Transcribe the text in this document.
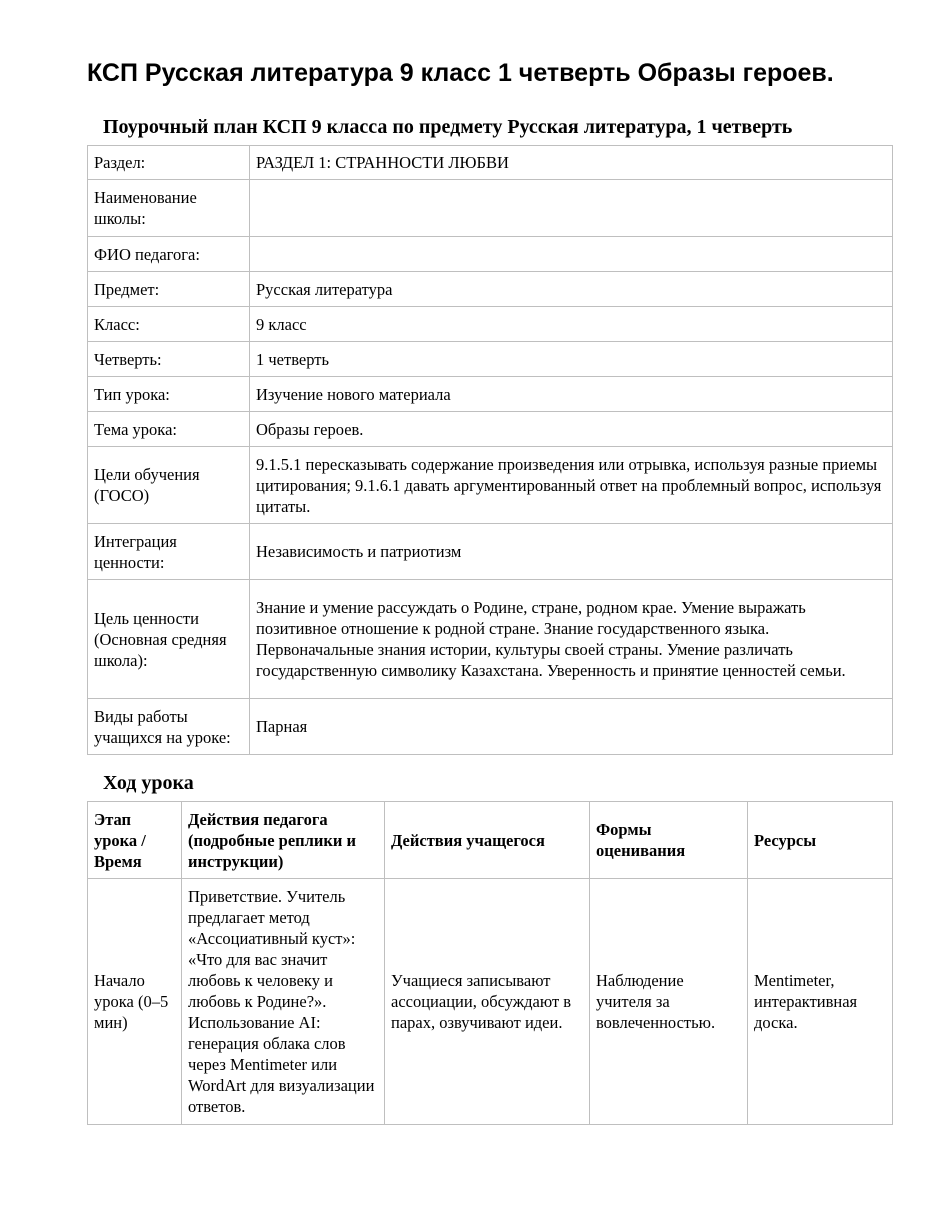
КСП Русская литература 9 класс 1 четверть Образы героев.
Поурочный план КСП 9 класса по предмету Русская литература, 1 четверть
Раздел:	РАЗДЕЛ 1: СТРАННОСТИ ЛЮБВИ
Наименование школы:	
ФИО педагога:	
Предмет:	Русская литература
Класс:	9 класс
Четверть:	1 четверть
Тип урока:	Изучение нового материала
Тема урока:	Образы героев.
Цели обучения (ГОСО)	9.1.5.1 пересказывать содержание произведения или отрывка, используя разные приемы цитирования; 9.1.6.1 давать аргументированный ответ на проблемный вопрос, используя цитаты.
Интеграция ценности:	Независимость и патриотизм
Цель ценности (Основная средняя школа):	Знание и умение рассуждать о Родине, стране, родном крае. Умение выражать позитивное отношение к родной стране. Знание государственного языка. Первоначальные знания истории, культуры своей страны. Умение различать государственную символику Казахстана. Уверенность и принятие ценностей семьи.
Виды работы учащихся на уроке:	Парная
Ход урока
Этап урока / Время	Действия педагога (подробные реплики и инструкции)	Действия учащегося	Формы оценивания	Ресурсы
Начало урока (0–5 мин)	Приветствие. Учитель предлагает метод «Ассоциативный куст»: «Что для вас значит любовь к человеку и любовь к Родине?». Использование AI: генерация облака слов через Mentimeter или WordArt для визуализации ответов.	Учащиеся записывают ассоциации, обсуждают в парах, озвучивают идеи.	Наблюдение учителя за вовлеченностью.	Mentimeter, интерактивная доска.
